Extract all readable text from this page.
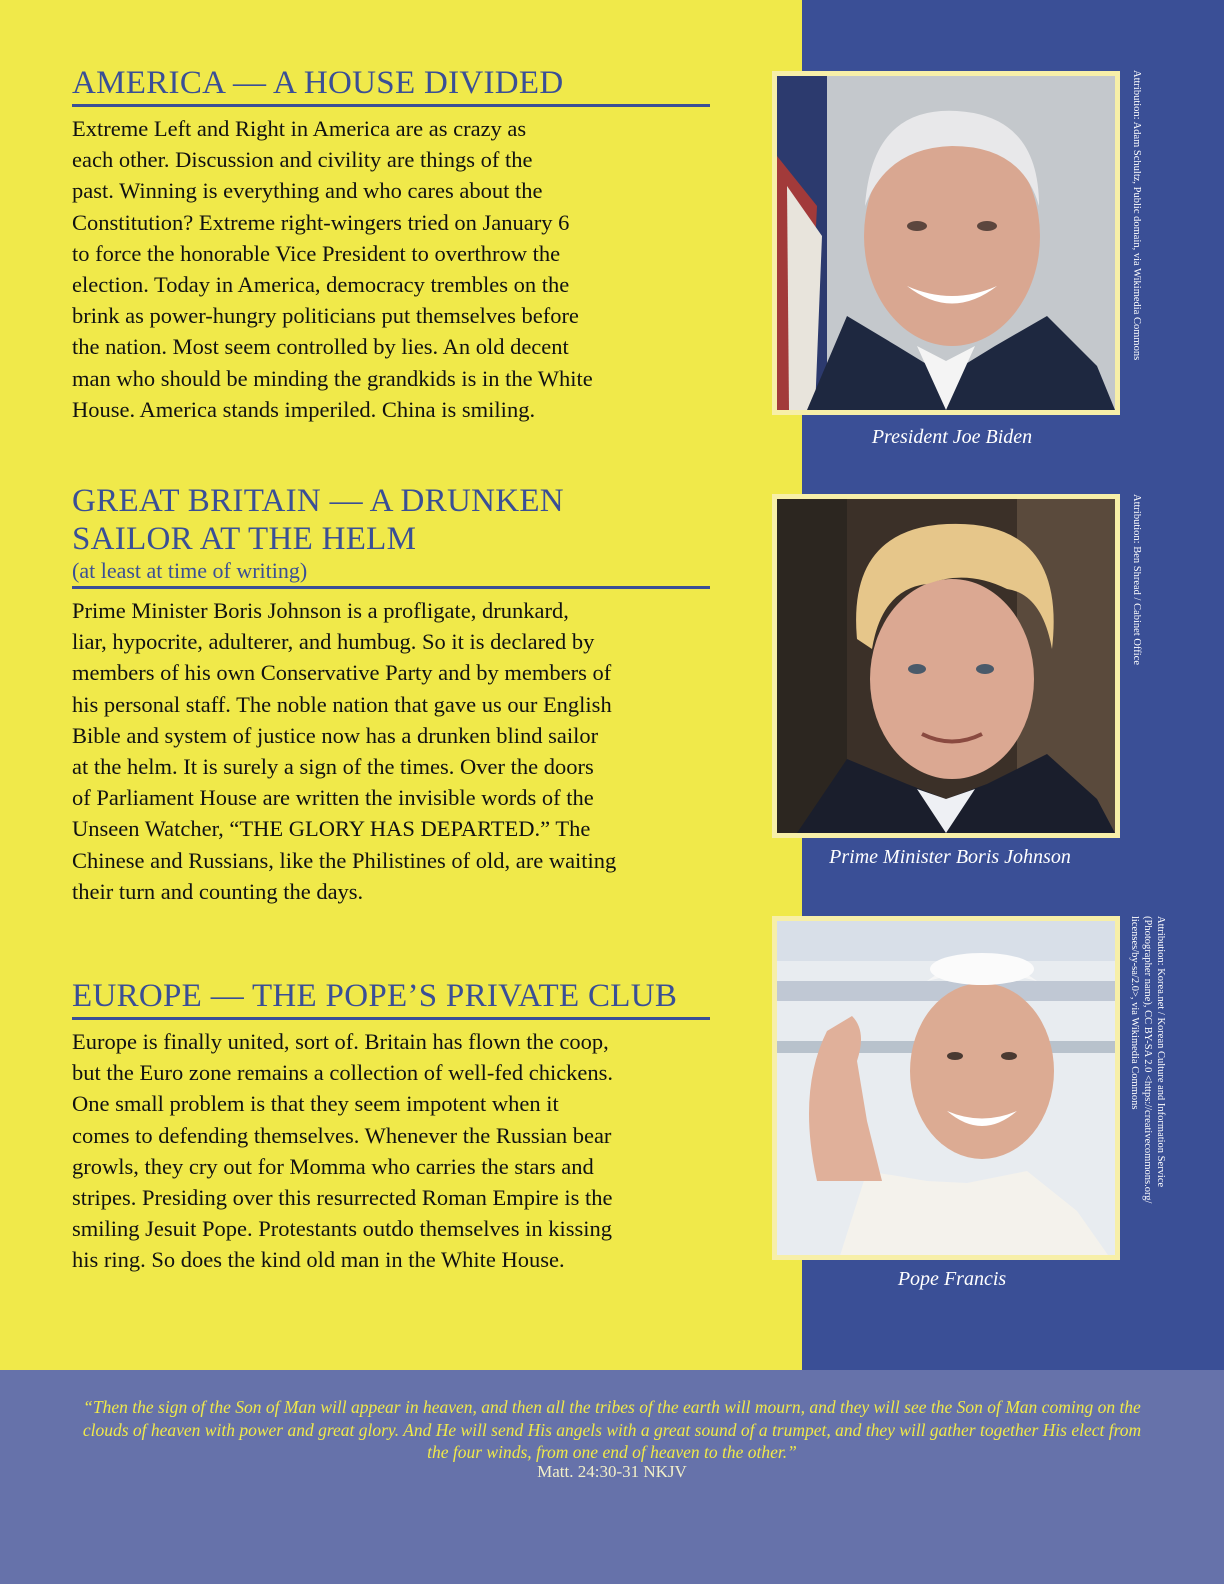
AMERICA — A HOUSE DIVIDED
Extreme Left and Right in America are as crazy as
each other. Discussion and civility are things of the
past. Winning is everything and who cares about the
Constitution? Extreme right-wingers tried on January 6
to force the honorable Vice President to overthrow the
election. Today in America, democracy trembles on the
brink as power-hungry politicians put themselves before
the nation. Most seem controlled by lies. An old decent
man who should be minding the grandkids is in the White
House. America stands imperiled. China is smiling.
GREAT BRITAIN — A DRUNKEN
SAILOR AT THE HELM
(at least at time of writing)
Prime Minister Boris Johnson is a profligate, drunkard,
liar, hypocrite, adulterer, and humbug. So it is declared by
members of his own Conservative Party and by members of
his personal staff. The noble nation that gave us our English
Bible and system of justice now has a drunken blind sailor
at the helm. It is surely a sign of the times. Over the doors
of Parliament House are written the invisible words of the
Unseen Watcher, “THE GLORY HAS DEPARTED.” The
Chinese and Russians, like the Philistines of old, are waiting
their turn and counting the days.
EUROPE — THE POPE’S PRIVATE CLUB
Europe is finally united, sort of. Britain has flown the coop,
but the Euro zone remains a collection of well-fed chickens.
One small problem is that they seem impotent when it
comes to defending themselves. Whenever the Russian bear
growls, they cry out for Momma who carries the stars and
stripes. Presiding over this resurrected Roman Empire is the
smiling Jesuit Pope. Protestants outdo themselves in kissing
his ring. So does the kind old man in the White House.
President Joe Biden
Attribution: Adam Schultz, Public domain, via Wikimedia Commons
Prime Minister Boris Johnson
Attribution: Ben Shread / Cabinet Office
Pope Francis
Attribution: Korea.net / Korean Culture and Information Service
(Photographer name), CC BY-SA 2.0 <https://creativecommons.org/
licenses/by-sa/2.0>, via Wikimedia Commons
“Then the sign of the Son of Man will appear in heaven, and then all the tribes of the earth will mourn, and they will see the Son of Man coming on the clouds of heaven with power and great glory. And He will send His angels with a great sound of a trumpet, and they will gather together His elect from the four winds, from one end of heaven to the other.”
Matt. 24:30-31 NKJV
